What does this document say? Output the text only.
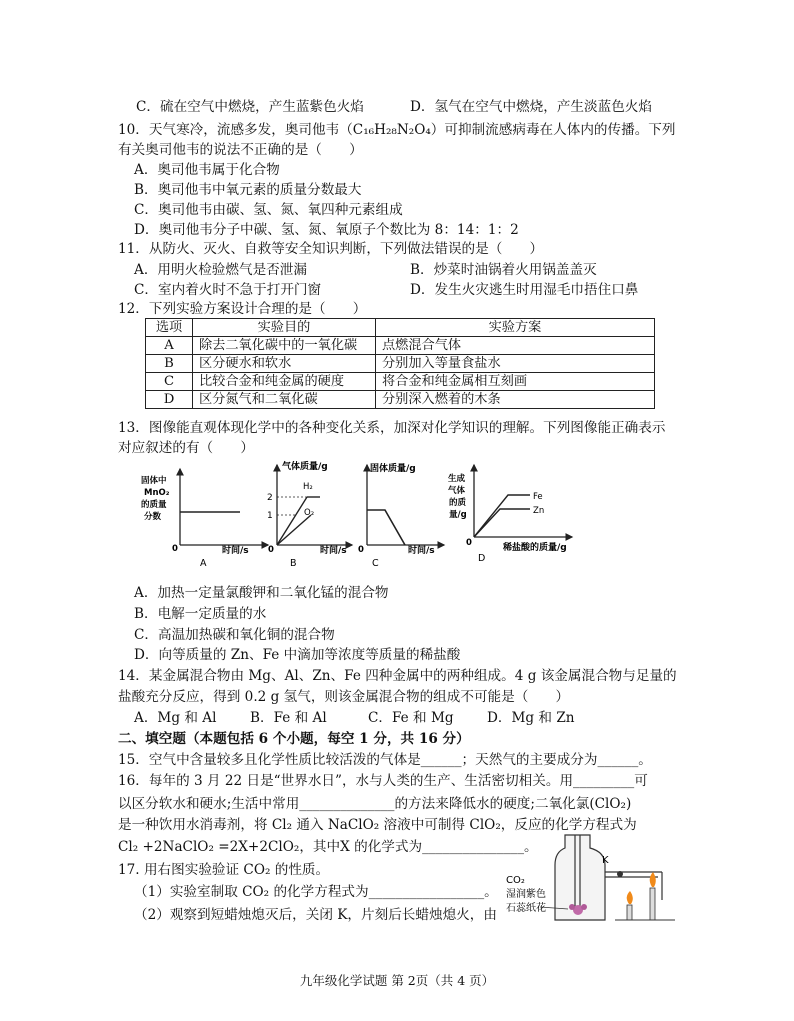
C．硫在空气中燃烧，产生蓝紫色火焰	D．氢气在空气中燃烧，产生淡蓝色火焰
10．天气寒冷，流感多发，奥司他韦（C₁₆H₂₈N₂O₄）可抑制流感病毒在人体内的传播。下列
有关奥司他韦的说法不正确的是（　　）
A．奥司他韦属于化合物
B．奥司他韦中氧元素的质量分数最大
C．奥司他韦由碳、氢、氮、氧四种元素组成
D．奥司他韦分子中碳、氢、氮、氧原子个数比为 8：14：1：2
11．从防火、灭火、自救等安全知识判断，下列做法错误的是（　　）
A．用明火检验燃气是否泄漏	B．炒菜时油锅着火用锅盖盖灭
C．室内着火时不急于打开门窗	D．发生火灾逃生时用湿毛巾捂住口鼻
12．下列实验方案设计合理的是（　　）
选项	实验目的	实验方案
A	除去二氧化碳中的一氧化碳	点燃混合气体
B	区分硬水和软水	分别加入等量食盐水
C	比较合金和纯金属的硬度	将合金和纯金属相互刻画
D	区分氮气和二氧化碳	分别深入燃着的木条
13．图像能直观体现化学中的各种变化关系，加深对化学知识的理解。下列图像能正确表示
对应叙述的有（　　）
固体中
MnO₂
的质量
分数
0	时间/s
A
气体质量/g
2
1
H₂
O₂
0	时间/s
B
固体质量/g
0	时间/s
C
生成
气体
的质
量/g
Fe
Zn
0	稀盐酸的质量/g
D
A．加热一定量氯酸钾和二氧化锰的混合物
B．电解一定质量的水
C．高温加热碳和氧化铜的混合物
D．向等质量的 Zn、Fe 中滴加等浓度等质量的稀盐酸
14．某金属混合物由 Mg、Al、Zn、Fe 四种金属中的两种组成。4 g 该金属混合物与足量的
盐酸充分反应，得到 0.2 g 氢气，则该金属混合物的组成不可能是（　　）
A．Mg 和 Al B．Fe 和 Al	C．Fe 和 Mg D．Mg 和 Zn
二、填空题（本题包括 6 个小题，每空 1 分，共 16 分）
15．空气中含量较多且化学性质比较活泼的气体是______；天然气的主要成分为______。
16．每年的 3 月 22 日是“世界水日”，水与人类的生产、生活密切相关。用_________可
以区分软水和硬水;生活中常用______________的方法来降低水的硬度;二氧化氯(ClO₂)
是一种饮用水消毒剂，将 Cl₂ 通入 NaClO₂ 溶液中可制得 ClO₂，反应的化学方程式为
Cl₂ +2NaClO₂ =2X+2ClO₂，其中X 的化学式为_______________。
17. 用右图实验验证 CO₂ 的性质。
（1）实验室制取 CO₂ 的化学方程式为_________________。
（2）观察到短蜡烛熄灭后，关闭 K，片刻后长蜡烛熄火，由
K
CO₂
湿润紫色
石蕊纸花
九年级化学试题 第 2页（共 4 页）
